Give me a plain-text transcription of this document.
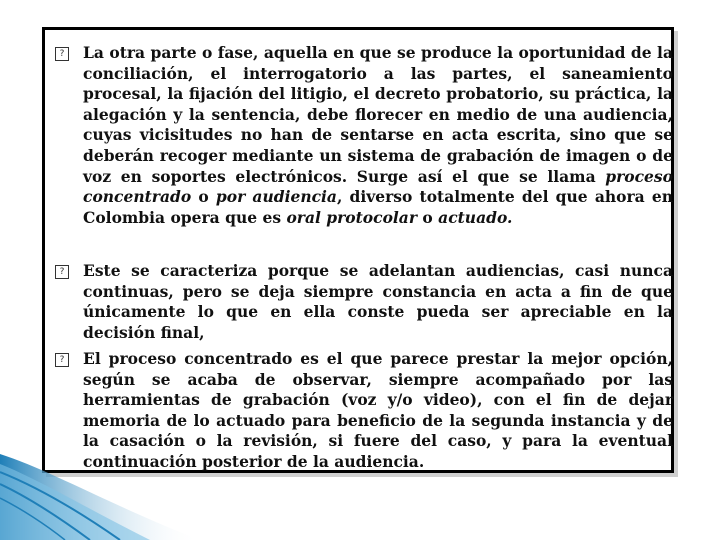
? La otra parte o fase, aquella en que se produce la oportunidad de la conciliación, el interrogatorio a las partes, el saneamiento procesal, la fijación del litigio, el decreto probatorio, su práctica, la alegación y la sentencia, debe florecer en medio de una audiencia, cuyas vicisitudes no han de sentarse en acta escrita, sino que se deberán recoger mediante un sistema de grabación de imagen o de voz en soportes electrónicos. Surge así el que se llama proceso concentrado o por audiencia, diverso totalmente del que ahora en Colombia opera que es oral protocolar o actuado.
? Este se caracteriza porque se adelantan audiencias, casi nunca continuas, pero se deja siempre constancia en acta a fin de que únicamente lo que en ella conste pueda ser apreciable en la decisión final,
? El proceso concentrado es el que parece prestar la mejor opción, según se acaba de observar, siempre acompañado por las herramientas de grabación (voz y/o video), con el fin de dejar memoria de lo actuado para beneficio de la segunda instancia y de la casación o la revisión, si fuere del caso, y para la eventual continuación posterior de la audiencia.
